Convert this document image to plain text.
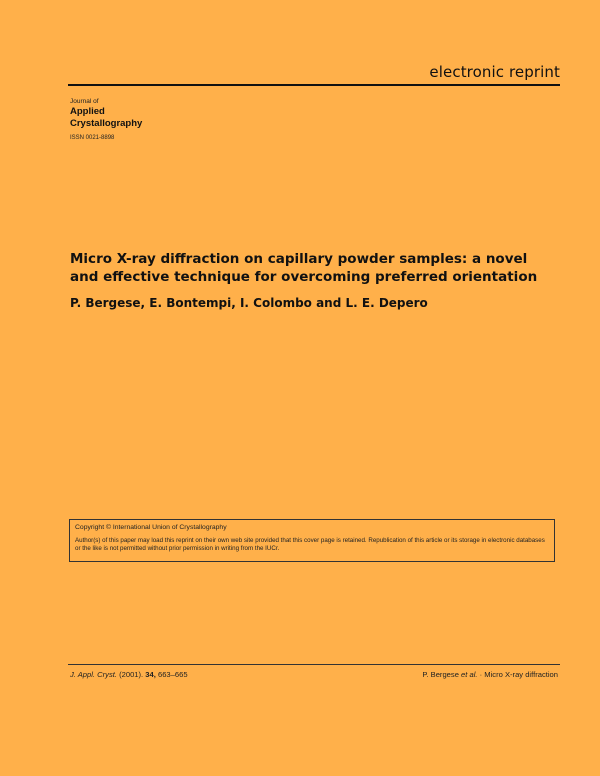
electronic reprint
Journal of
Applied
Crystallography
ISSN 0021-8898
Micro X-ray diffraction on capillary powder samples: a novel and effective technique for overcoming preferred orientation
P. Bergese, E. Bontempi, I. Colombo and L. E. Depero
Copyright © International Union of Crystallography
Author(s) of this paper may load this reprint on their own web site provided that this cover page is retained. Republication of this article or its storage in electronic databases or the like is not permitted without prior permission in writing from the IUCr.
J. Appl. Cryst. (2001). 34, 663–665	P. Bergese et al. · Micro X-ray diffraction
